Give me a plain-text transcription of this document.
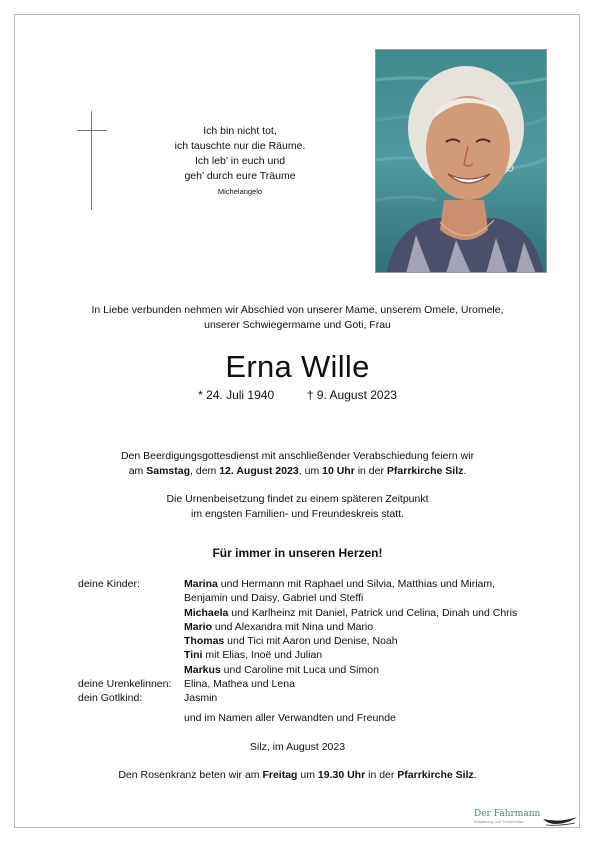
Ich bin nicht tot,
ich tauschte nur die Räume.
Ich leb’ in euch und
geh’ durch eure Träume
Michelangelo
In Liebe verbunden nehmen wir Abschied von unserer Mame, unserem Omele, Uromele,
unserer Schwiegermame und Goti, Frau
Erna Wille
* 24. Juli 1940	† 9. August 2023
Den Beerdigungsgottesdienst mit anschließender Verabschiedung feiern wir
am Samstag, dem 12. August 2023, um 10 Uhr in der Pfarrkirche Silz.
Die Urnenbeisetzung findet zu einem späteren Zeitpunkt
im engsten Familien- und Freundeskreis statt.
Für immer in unseren Herzen!
deine Kinder:	Marina und Hermann mit Raphael und Silvia, Matthias und Miriam,
Benjamin und Daisy, Gabriel und Steffi
Michaela und Karlheinz mit Daniel, Patrick und Celina, Dinah und Chris
Mario und Alexandra mit Nina und Mario
Thomas und Tici mit Aaron und Denise, Noah
Tini mit Elias, Inoë und Julian
Markus und Caroline mit Luca und Simon
deine Urenkelinnen: Elina, Mathea und Lena
dein Gotlkind:	Jasmin
und im Namen aller Verwandten und Freunde
Silz, im August 2023
Den Rosenkranz beten wir am Freitag um 19.30 Uhr in der Pfarrkirche Silz.
Der Fährmann
Bestattung und Trauerkultur
